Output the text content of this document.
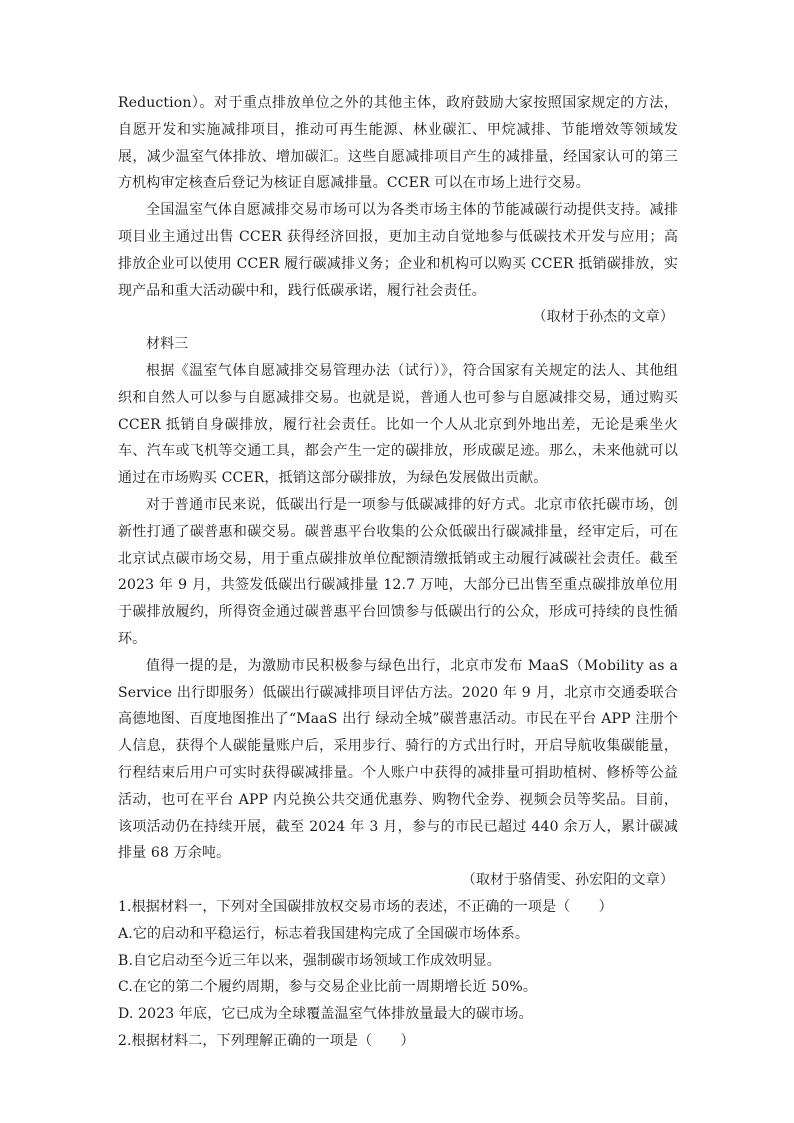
Reduction）。对于重点排放单位之外的其他主体，政府鼓励大家按照国家规定的方法，自愿开发和实施减排项目，推动可再生能源、林业碳汇、甲烷减排、节能增效等领域发展，减少温室气体排放、增加碳汇。这些自愿减排项目产生的减排量，经国家认可的第三方机构审定核查后登记为核证自愿减排量。CCER 可以在市场上进行交易。

全国温室气体自愿减排交易市场可以为各类市场主体的节能减碳行动提供支持。减排项目业主通过出售 CCER 获得经济回报，更加主动自觉地参与低碳技术开发与应用；高排放企业可以使用 CCER 履行碳减排义务；企业和机构可以购买 CCER 抵销碳排放，实现产品和重大活动碳中和，践行低碳承诺，履行社会责任。

（取材于孙杰的文章）

材料三

根据《温室气体自愿减排交易管理办法（试行）》，符合国家有关规定的法人、其他组织和自然人可以参与自愿减排交易。也就是说，普通人也可参与自愿减排交易，通过购买 CCER 抵销自身碳排放，履行社会责任。比如一个人从北京到外地出差，无论是乘坐火车、汽车或飞机等交通工具，都会产生一定的碳排放，形成碳足迹。那么，未来他就可以通过在市场购买 CCER，抵销这部分碳排放，为绿色发展做出贡献。

对于普通市民来说，低碳出行是一项参与低碳减排的好方式。北京市依托碳市场，创新性打通了碳普惠和碳交易。碳普惠平台收集的公众低碳出行碳减排量，经审定后，可在北京试点碳市场交易，用于重点碳排放单位配额清缴抵销或主动履行减碳社会责任。截至 2023 年 9 月，共签发低碳出行碳减排量 12.7 万吨，大部分已出售至重点碳排放单位用于碳排放履约，所得资金通过碳普惠平台回馈参与低碳出行的公众，形成可持续的良性循环。

值得一提的是，为激励市民积极参与绿色出行，北京市发布 MaaS（Mobility as a Service 出行即服务）低碳出行碳减排项目评估方法。2020 年 9 月，北京市交通委联合高德地图、百度地图推出了“MaaS 出行 绿动全城”碳普惠活动。市民在平台 APP 注册个人信息，获得个人碳能量账户后，采用步行、骑行的方式出行时，开启导航收集碳能量，行程结束后用户可实时获得碳减排量。个人账户中获得的减排量可捐助植树、修桥等公益活动，也可在平台 APP 内兑换公共交通优惠券、购物代金券、视频会员等奖品。目前，该项活动仍在持续开展，截至 2024 年 3 月，参与的市民已超过 440 余万人，累计碳减排量 68 万余吨。

（取材于骆倩雯、孙宏阳的文章）

1.根据材料一，下列对全国碳排放权交易市场的表述，不正确的一项是（　　）

A.它的启动和平稳运行，标志着我国建构完成了全国碳市场体系。

B.自它启动至今近三年以来，强制碳市场领域工作成效明显。

C.在它的第二个履约周期，参与交易企业比前一周期增长近 50%。

D. 2023 年底，它已成为全球覆盖温室气体排放量最大的碳市场。

2.根据材料二，下列理解正确的一项是（　　）
